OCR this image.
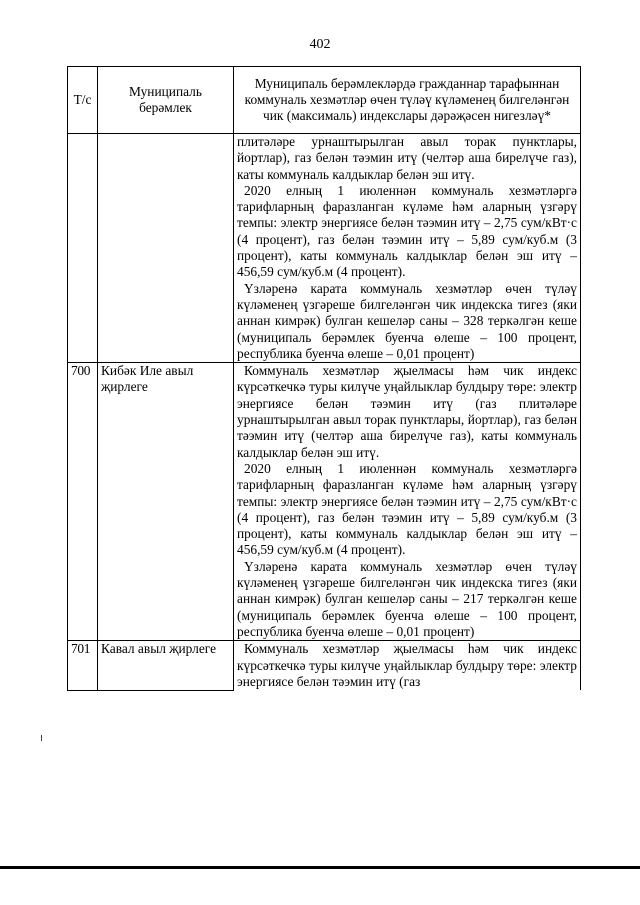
402
Т/с	Муниципаль берәмлек	Муниципаль берәмлекләрдә гражданнар тарафыннан коммуналь хезмәтләр өчен түләү күләменең билгеләнгән чик (максималь) индекслары дәрәҗәсен нигезләү*

		плитәләре урнаштырылган авыл торак пунктлары, йортлар), газ белән тәэмин итү (челтәр аша бирелүче газ), каты коммуналь калдыклар белән эш итү.

2020 елның 1 июленнән коммуналь хезмәтләргә тарифларның фаразланган күләме һәм аларның үзгәрү темпы: электр энергиясе белән тәэмин итү – 2,75 сум/кВт·с (4 процент), газ белән тәэмин итү – 5,89 сум/куб.м (3 процент), каты коммуналь калдыклар белән эш итү – 456,59 сум/куб.м (4 процент).

Үзләренә карата коммуналь хезмәтләр өчен түләү күләменең үзгәреше билгеләнгән чик индекска тигез (яки аннан кимрәк) булган кешеләр саны – 328 теркәлгән кеше (муниципаль берәмлек буенча өлеше – 100 процент, республика буенча өлеше – 0,01 процент)

700	Кибәк Иле авыл җирлеге	Коммуналь хезмәтләр җыелмасы һәм чик индекс күрсәткечкә туры килүче уңайлыклар булдыру төре: электр энергиясе белән тәэмин итү (газ плитәләре урнаштырылган авыл торак пунктлары, йортлар), газ белән тәэмин итү (челтәр аша бирелүче газ), каты коммуналь калдыклар белән эш итү.

2020 елның 1 июленнән коммуналь хезмәтләргә тарифларның фаразланган күләме һәм аларның үзгәрү темпы: электр энергиясе белән тәэмин итү – 2,75 сум/кВт·с (4 процент), газ белән тәэмин итү – 5,89 сум/куб.м (3 процент), каты коммуналь калдыклар белән эш итү – 456,59 сум/куб.м (4 процент).

Үзләренә карата коммуналь хезмәтләр өчен түләү күләменең үзгәреше билгеләнгән чик индекска тигез (яки аннан кимрәк) булган кешеләр саны – 217 теркәлгән кеше (муниципаль берәмлек буенча өлеше – 100 процент, республика буенча өлеше – 0,01 процент)

701	Кавал авыл җирлеге	Коммуналь хезмәтләр җыелмасы һәм чик индекс күрсәткечкә туры килүче уңайлыклар булдыру төре: электр энергиясе белән тәэмин итү (газ
